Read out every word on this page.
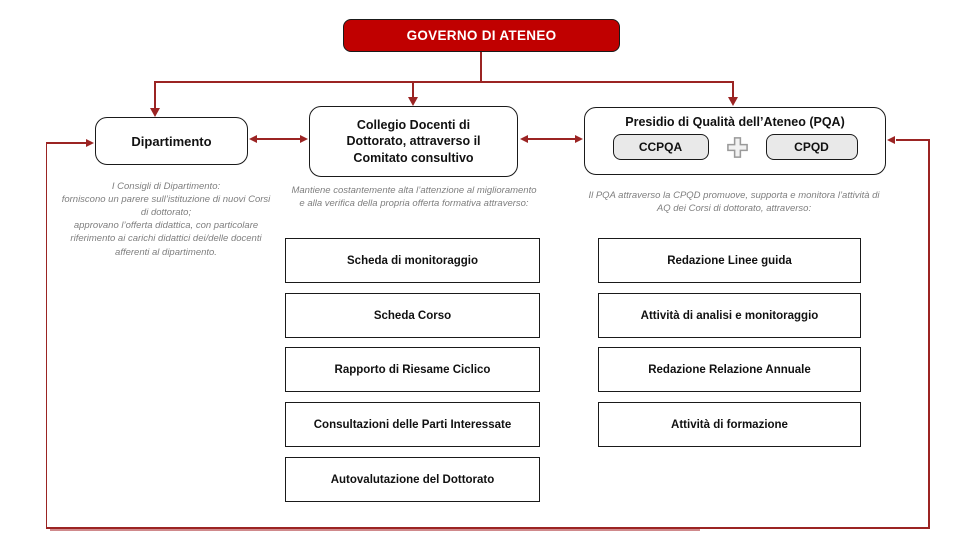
GOVERNO DI ATENEO
Dipartimento
I Consigli di Dipartimento:
forniscono un parere sull’istituzione di nuovi Corsi di dottorato;
approvano l’offerta didattica, con particolare riferimento ai carichi didattici dei/delle docenti afferenti al dipartimento.
Collegio Docenti di Dottorato, attraverso il Comitato consultivo
Mantiene costantemente alta l’attenzione al miglioramento e alla verifica della propria offerta formativa attraverso:
Scheda di monitoraggio
Scheda Corso
Rapporto di Riesame Ciclico
Consultazioni delle Parti Interessate
Autovalutazione del Dottorato
Presidio di Qualità dell’Ateneo (PQA)
CCPQA	CPQD
Il PQA attraverso la CPQD promuove, supporta e monitora l’attività di AQ dei Corsi di dottorato, attraverso:
Redazione Linee guida
Attività di analisi e monitoraggio
Redazione Relazione Annuale
Attività di formazione
